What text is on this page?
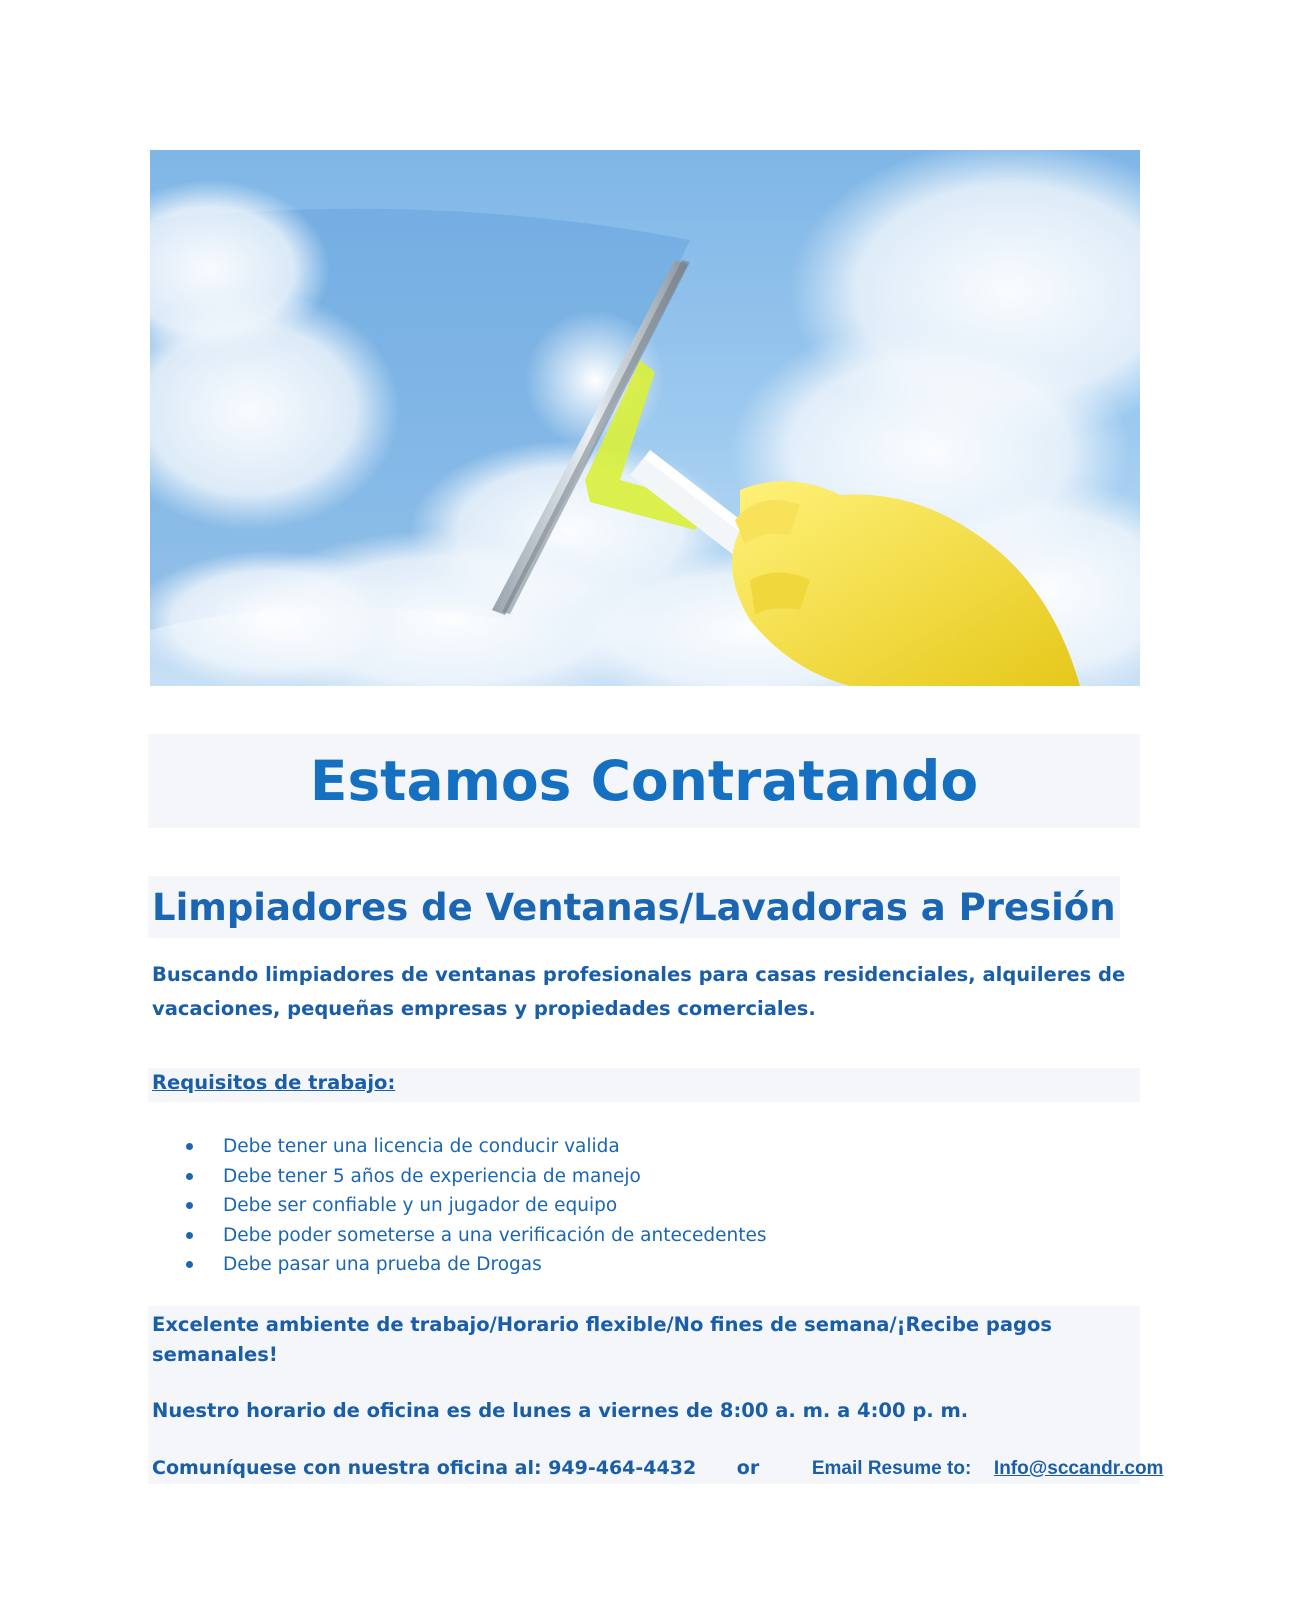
Estamos Contratando
Limpiadores de Ventanas/Lavadoras a Presión

Buscando limpiadores de ventanas profesionales para casas residenciales, alquileres de vacaciones, pequeñas empresas y propiedades comerciales.

Requisitos de trabajo:

Debe tener una licencia de conducir valida
Debe tener 5 años de experiencia de manejo
Debe ser confiable y un jugador de equipo
Debe poder someterse a una verificación de antecedentes
Debe pasar una prueba de Drogas

Excelente ambiente de trabajo/Horario flexible/No fines de semana/¡Recibe pagos semanales!

Nuestro horario de oficina es de lunes a viernes de 8:00 a. m. a 4:00 p. m.

Comuníquese con nuestra oficina al: 949-464-4432 or	Email Resume to: Info@sccandr.com
